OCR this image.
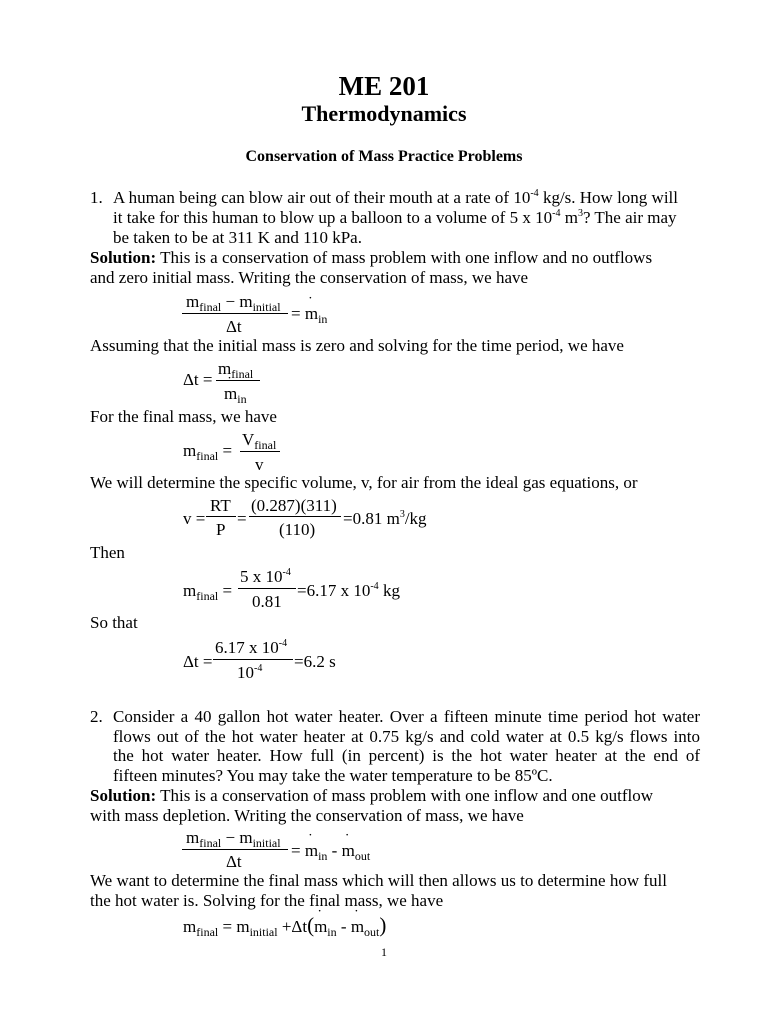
ME 201
Thermodynamics
Conservation of Mass Practice Problems
1. A human being can blow air out of their mouth at a rate of $10^{-4}$ kg/s. How long will
it take for this human to blow up a balloon to a volume of 5 x $10^{-4}$ $m^3$? The air may
be taken to be at 311 K and 110 kPa.
Solution: This is a conservation of mass problem with one inflow and no outflows
and zero initial mass. Writing the conservation of mass, we have
$m_{final} - m_{initial}$
Δt
= ˙ $m_{in}$
Assuming that the initial mass is zero and solving for the time period, we have
Δt =
$m_{final}$
˙ $m_{in}$
For the final mass, we have
$m_{final}$ =
$V_{final}$
v
We will determine the specific volume, v, for air from the ideal gas equations, or
v =
RT
P
=
(0.287)(311)
(110)
=0.81 $m^3/kg$
Then
$m_{final}$ =
5 x $10^{-4}$
0.81
=6.17 x $10^{-4}$ kg
So that
Δt =
6.17 x $10^{-4}$
$10^{-4} =6.2$ s
2. Consider a 40 gallon hot water heater. Over a fifteen minute time period hot water
flows out of the hot water heater at 0.75 kg/s and cold water at 0.5 kg/s flows into
the hot water heater. How full (in percent) is the hot water heater at the end of
fifteen minutes? You may take the water temperature to be 85ºC.
Solution: This is a conservation of mass problem with one inflow and one outflow
with mass depletion. Writing the conservation of mass, we have
$m_{final} - m_{initial}$
Δt
= ˙ $m_{in}$ - ˙ $m_{out}$
We want to determine the final mass which will then allows us to determine how full
the hot water is. Solving for the final mass, we have
$m_{final} = m_{initial}$ +Δt(˙ $m_{in}$ - ˙ $m_{out}$)
1
